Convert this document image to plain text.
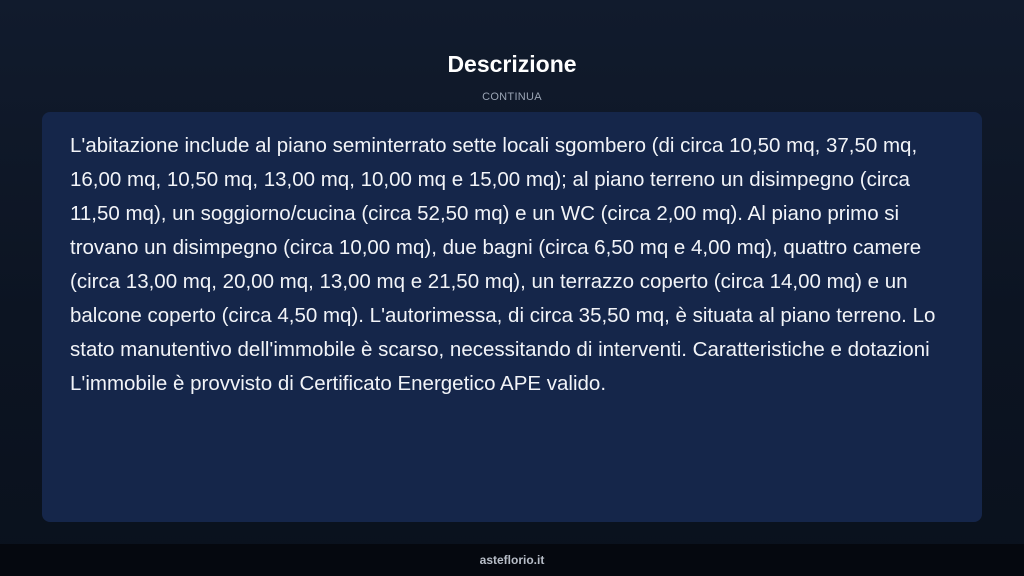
Descrizione
CONTINUA

L'abitazione include al piano seminterrato sette locali sgombero (di circa 10,50 mq, 37,50 mq, 16,00 mq, 10,50 mq, 13,00 mq, 10,00 mq e 15,00 mq); al piano terreno un disimpegno (circa 11,50 mq), un soggiorno/cucina (circa 52,50 mq) e un WC (circa 2,00 mq). Al piano primo si trovano un disimpegno (circa 10,00 mq), due bagni (circa 6,50 mq e 4,00 mq), quattro camere (circa 13,00 mq, 20,00 mq, 13,00 mq e 21,50 mq), un terrazzo coperto (circa 14,00 mq) e un balcone coperto (circa 4,50 mq). L'autorimessa, di circa 35,50 mq, è situata al piano terreno. Lo stato manutentivo dell'immobile è scarso, necessitando di interventi. Caratteristiche e dotazioni L'immobile è provvisto di Certificato Energetico APE valido.

asteflorio.it
